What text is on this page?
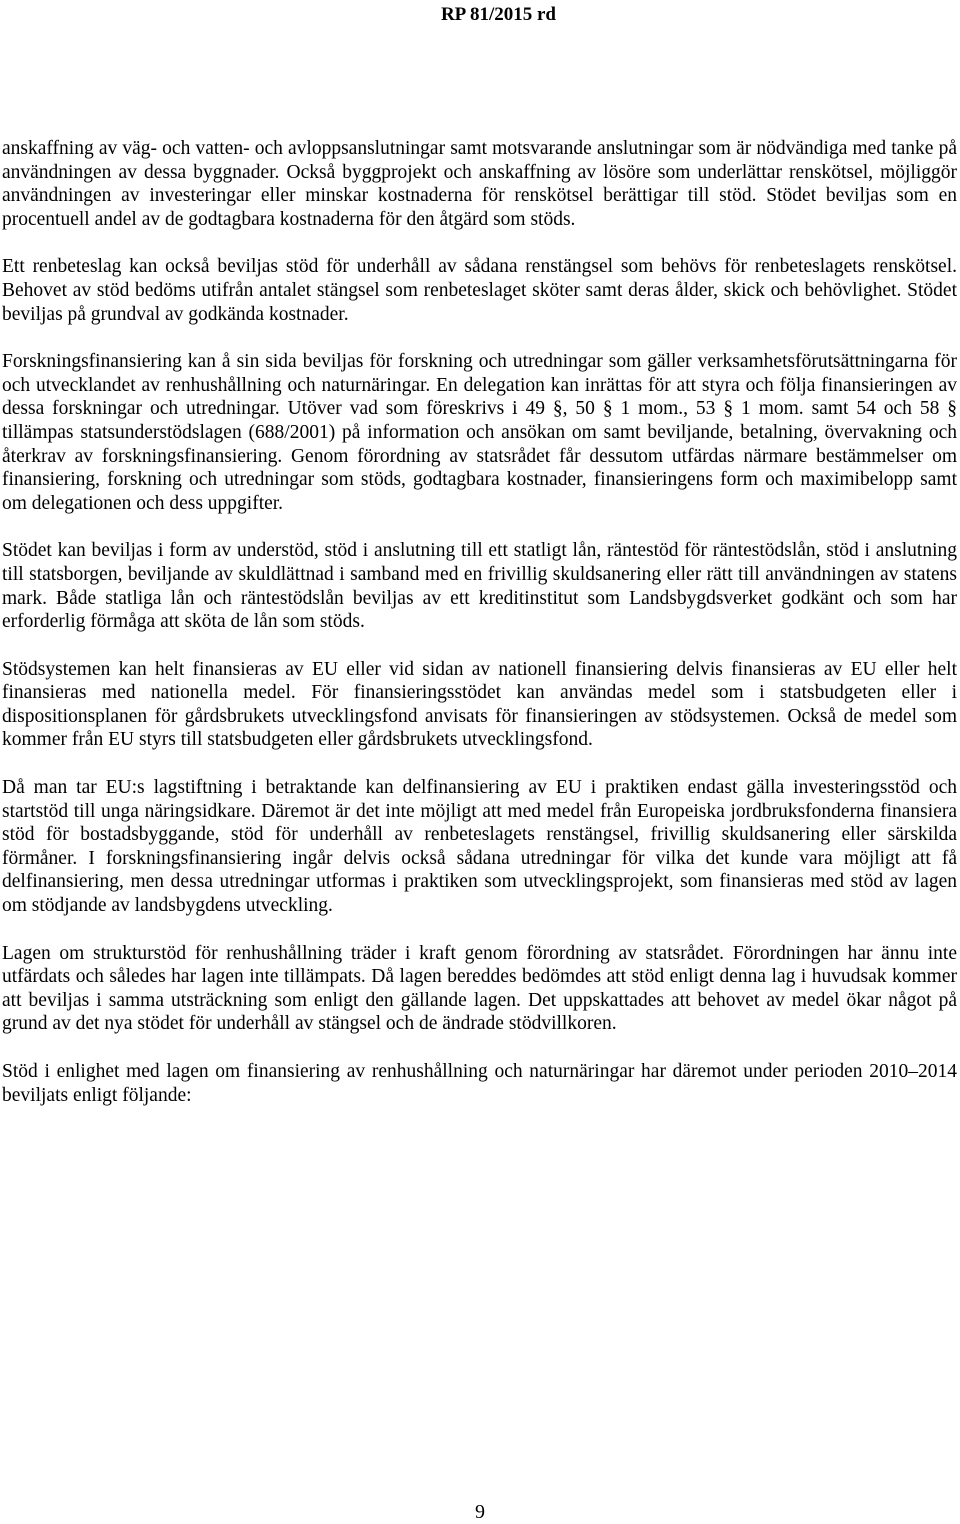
RP 81/2015 rd

anskaffning av väg- och vatten- och avloppsanslutningar samt motsvarande anslutningar som är nödvändiga med tanke på användningen av dessa byggnader. Också byggprojekt och anskaffning av lösöre som underlättar renskötsel, möjliggör användningen av investeringar eller minskar kostnaderna för renskötsel berättigar till stöd. Stödet beviljas som en procentuell andel av de godtagbara kostnaderna för den åtgärd som stöds.

Ett renbeteslag kan också beviljas stöd för underhåll av sådana renstängsel som behövs för renbeteslagets renskötsel. Behovet av stöd bedöms utifrån antalet stängsel som renbeteslaget sköter samt deras ålder, skick och behövlighet. Stödet beviljas på grundval av godkända kostnader.

Forskningsfinansiering kan å sin sida beviljas för forskning och utredningar som gäller verksamhetsförutsättningarna för och utvecklandet av renhushållning och naturnäringar. En delegation kan inrättas för att styra och följa finansieringen av dessa forskningar och utredningar. Utöver vad som föreskrivs i 49 §, 50 § 1 mom., 53 § 1 mom. samt 54 och 58 § tillämpas statsunderstödslagen (688/2001) på information och ansökan om samt beviljande, betalning, övervakning och återkrav av forskningsfinansiering. Genom förordning av statsrådet får dessutom utfärdas närmare bestämmelser om finansiering, forskning och utredningar som stöds, godtagbara kostnader, finansieringens form och maximibelopp samt om delegationen och dess uppgifter.

Stödet kan beviljas i form av understöd, stöd i anslutning till ett statligt lån, räntestöd för räntestödslån, stöd i anslutning till statsborgen, beviljande av skuldlättnad i samband med en frivillig skuldsanering eller rätt till användningen av statens mark. Både statliga lån och räntestödslån beviljas av ett kreditinstitut som Landsbygdsverket godkänt och som har erforderlig förmåga att sköta de lån som stöds.

Stödsystemen kan helt finansieras av EU eller vid sidan av nationell finansiering delvis finansieras av EU eller helt finansieras med nationella medel. För finansieringsstödet kan användas medel som i statsbudgeten eller i dispositionsplanen för gårdsbrukets utvecklingsfond anvisats för finansieringen av stödsystemen. Också de medel som kommer från EU styrs till statsbudgeten eller gårdsbrukets utvecklingsfond.

Då man tar EU:s lagstiftning i betraktande kan delfinansiering av EU i praktiken endast gälla investeringsstöd och startstöd till unga näringsidkare. Däremot är det inte möjligt att med medel från Europeiska jordbruksfonderna finansiera stöd för bostadsbyggande, stöd för underhåll av renbeteslagets renstängsel, frivillig skuldsanering eller särskilda förmåner. I forskningsfinansiering ingår delvis också sådana utredningar för vilka det kunde vara möjligt att få delfinansiering, men dessa utredningar utformas i praktiken som utvecklingsprojekt, som finansieras med stöd av lagen om stödjande av landsbygdens utveckling.

Lagen om strukturstöd för renhushållning träder i kraft genom förordning av statsrådet. Förordningen har ännu inte utfärdats och således har lagen inte tillämpats. Då lagen bereddes bedömdes att stöd enligt denna lag i huvudsak kommer att beviljas i samma utsträckning som enligt den gällande lagen. Det uppskattades att behovet av medel ökar något på grund av det nya stödet för underhåll av stängsel och de ändrade stödvillkoren.

Stöd i enlighet med lagen om finansiering av renhushållning och naturnäringar har däremot under perioden 2010–2014 beviljats enligt följande:

9
